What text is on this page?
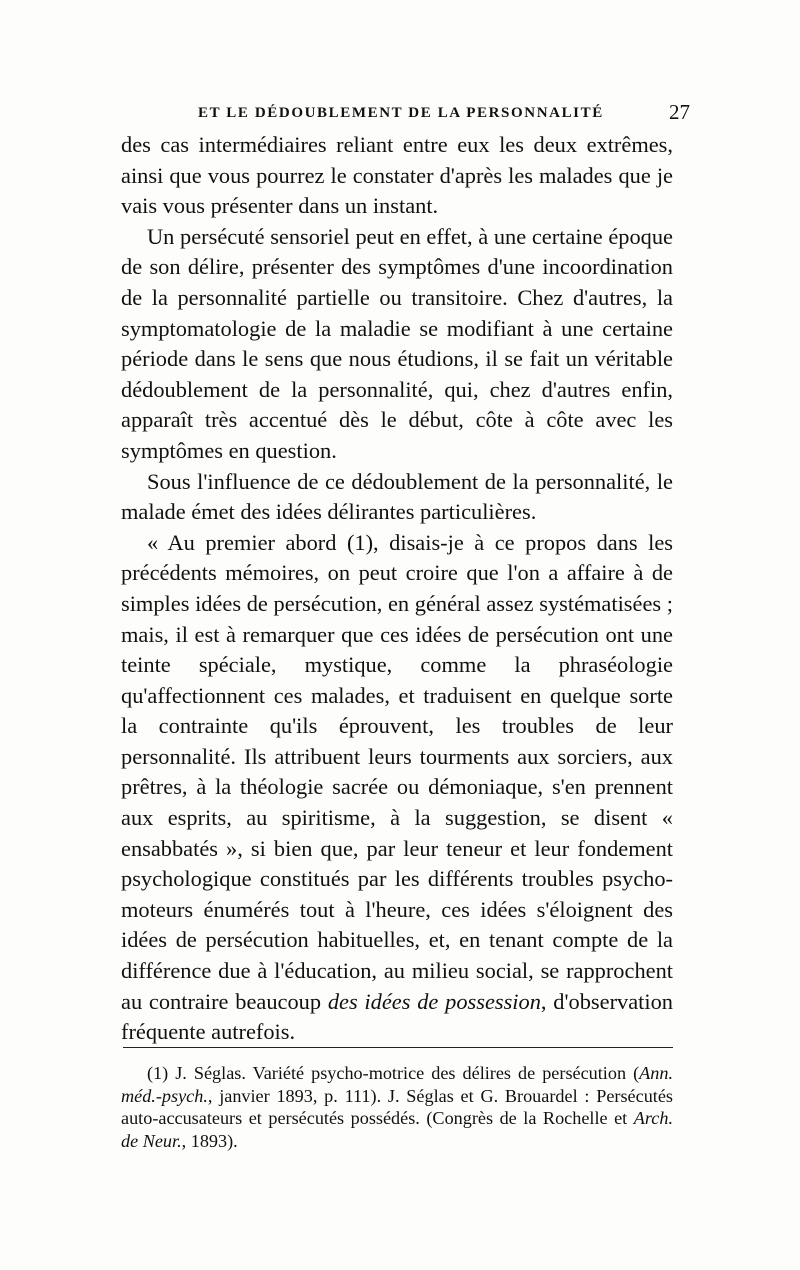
ET LE DÉDOUBLEMENT DE LA PERSONNALITÉ	27

des cas intermédiaires reliant entre eux les deux extrêmes, ainsi que vous pourrez le constater d'après les malades que je vais vous présenter dans un instant.

Un persécuté sensoriel peut en effet, à une certaine époque de son délire, présenter des symptômes d'une incoordination de la personnalité partielle ou transitoire. Chez d'autres, la symptomatologie de la maladie se modifiant à une certaine période dans le sens que nous étudions, il se fait un véritable dédoublement de la personnalité, qui, chez d'autres enfin, apparaît très accentué dès le début, côte à côte avec les symptômes en question.

Sous l'influence de ce dédoublement de la personnalité, le malade émet des idées délirantes particulières.

« Au premier abord (1), disais-je à ce propos dans les précédents mémoires, on peut croire que l'on a affaire à de simples idées de persécution, en général assez systématisées ; mais, il est à remarquer que ces idées de persécution ont une teinte spéciale, mystique, comme la phraséologie qu'affectionnent ces malades, et traduisent en quelque sorte la contrainte qu'ils éprouvent, les troubles de leur personnalité. Ils attribuent leurs tourments aux sorciers, aux prêtres, à la théologie sacrée ou démoniaque, s'en prennent aux esprits, au spiritisme, à la suggestion, se disent « ensabbatés », si bien que, par leur teneur et leur fondement psychologique constitués par les différents troubles psycho-moteurs énumérés tout à l'heure, ces idées s'éloignent des idées de persécution habituelles, et, en tenant compte de la différence due à l'éducation, au milieu social, se rapprochent au contraire beaucoup des idées de possession, d'observation fréquente autrefois.

(1) J. Séglas. Variété psycho-motrice des délires de persécution (Ann. méd.-psych., janvier 1893, p. 111). J. Séglas et G. Brouardel : Persécutés auto-accusateurs et persécutés possédés. (Congrès de la Rochelle et Arch. de Neur., 1893).
